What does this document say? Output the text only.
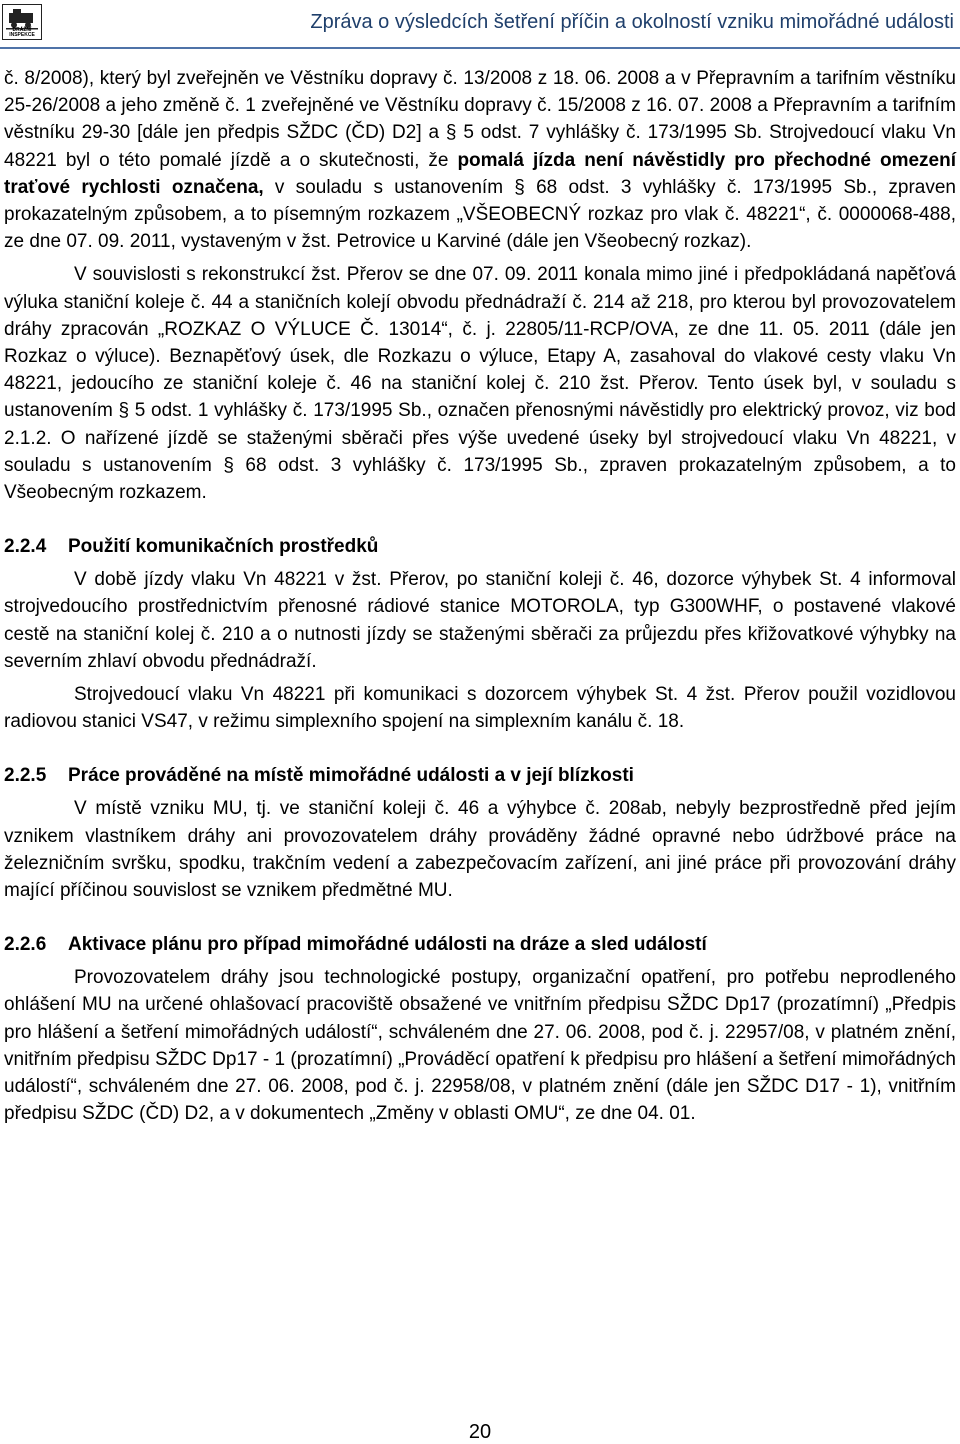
DRÁŽNÍ INSPEKCE
Zpráva o výsledcích šetření příčin a okolností vzniku mimořádné události

č. 8/2008), který byl zveřejněn ve Věstníku dopravy č. 13/2008 z 18. 06. 2008 a v Přepravním a tarifním věstníku 25-26/2008 a jeho změně č. 1 zveřejněné ve Věstníku dopravy č. 15/2008 z 16. 07. 2008 a Přepravním a tarifním věstníku 29-30 [dále jen předpis SŽDC (ČD) D2] a § 5 odst. 7 vyhlášky č. 173/1995 Sb. Strojvedoucí vlaku Vn 48221 byl o této pomalé jízdě a o skutečnosti, že pomalá jízda není návěstidly pro přechodné omezení traťové rychlosti označena, v souladu s ustanovením § 68 odst. 3 vyhlášky č. 173/1995 Sb., zpraven prokazatelným způsobem, a to písemným rozkazem „VŠEOBECNÝ rozkaz pro vlak č. 48221“, č. 0000068-488, ze dne 07. 09. 2011, vystaveným v žst. Petrovice u Karviné (dále jen Všeobecný rozkaz).

V souvislosti s rekonstrukcí žst. Přerov se dne 07. 09. 2011 konala mimo jiné i předpokládaná napěťová výluka staniční koleje č. 44 a staničních kolejí obvodu přednádraží č. 214 až 218, pro kterou byl provozovatelem dráhy zpracován „ROZKAZ O VÝLUCE Č. 13014“, č. j. 22805/11-RCP/OVA, ze dne 11. 05. 2011 (dále jen Rozkaz o výluce). Beznapěťový úsek, dle Rozkazu o výluce, Etapy A, zasahoval do vlakové cesty vlaku Vn 48221, jedoucího ze staniční koleje č. 46 na staniční kolej č. 210 žst. Přerov. Tento úsek byl, v souladu s ustanovením § 5 odst. 1 vyhlášky č. 173/1995 Sb., označen přenosnými návěstidly pro elektrický provoz, viz bod 2.1.2. O nařízené jízdě se staženými sběrači přes výše uvedené úseky byl strojvedoucí vlaku Vn 48221, v souladu s ustanovením § 68 odst. 3 vyhlášky č. 173/1995 Sb., zpraven prokazatelným způsobem, a to Všeobecným rozkazem.

2.2.4	Použití komunikačních prostředků

V době jízdy vlaku Vn 48221 v žst. Přerov, po staniční koleji č. 46, dozorce výhybek St. 4 informoval strojvedoucího prostřednictvím přenosné rádiové stanice MOTOROLA, typ G300WHF, o postavené vlakové cestě na staniční kolej č. 210 a o nutnosti jízdy se staženými sběrači za průjezdu přes křižovatkové výhybky na severním zhlaví obvodu přednádraží.

Strojvedoucí vlaku Vn 48221 při komunikaci s dozorcem výhybek St. 4 žst. Přerov použil vozidlovou radiovou stanici VS47, v režimu simplexního spojení na simplexním kanálu č. 18.

2.2.5	Práce prováděné na místě mimořádné události a v její blízkosti

V místě vzniku MU, tj. ve staniční koleji č. 46 a výhybce č. 208ab, nebyly bezprostředně před jejím vznikem vlastníkem dráhy ani provozovatelem dráhy prováděny žádné opravné nebo údržbové práce na železničním svršku, spodku, trakčním vedení a zabezpečovacím zařízení, ani jiné práce při provozování dráhy mající příčinou souvislost se vznikem předmětné MU.

2.2.6	Aktivace plánu pro případ mimořádné události na dráze a sled událostí

Provozovatelem dráhy jsou technologické postupy, organizační opatření, pro potřebu neprodleného ohlášení MU na určené ohlašovací pracoviště obsažené ve vnitřním předpisu SŽDC Dp17 (prozatímní) „Předpis pro hlášení a šetření mimořádných událostí“, schváleném dne 27. 06. 2008, pod č. j. 22957/08, v platném znění, vnitřním předpisu SŽDC Dp17 - 1 (prozatímní) „Prováděcí opatření k předpisu pro hlášení a šetření mimořádných událostí“, schváleném dne 27. 06. 2008, pod č. j. 22958/08, v platném znění (dále jen SŽDC D17 - 1), vnitřním předpisu SŽDC (ČD) D2, a v dokumentech „Změny v oblasti OMU“, ze dne 04. 01.

20
